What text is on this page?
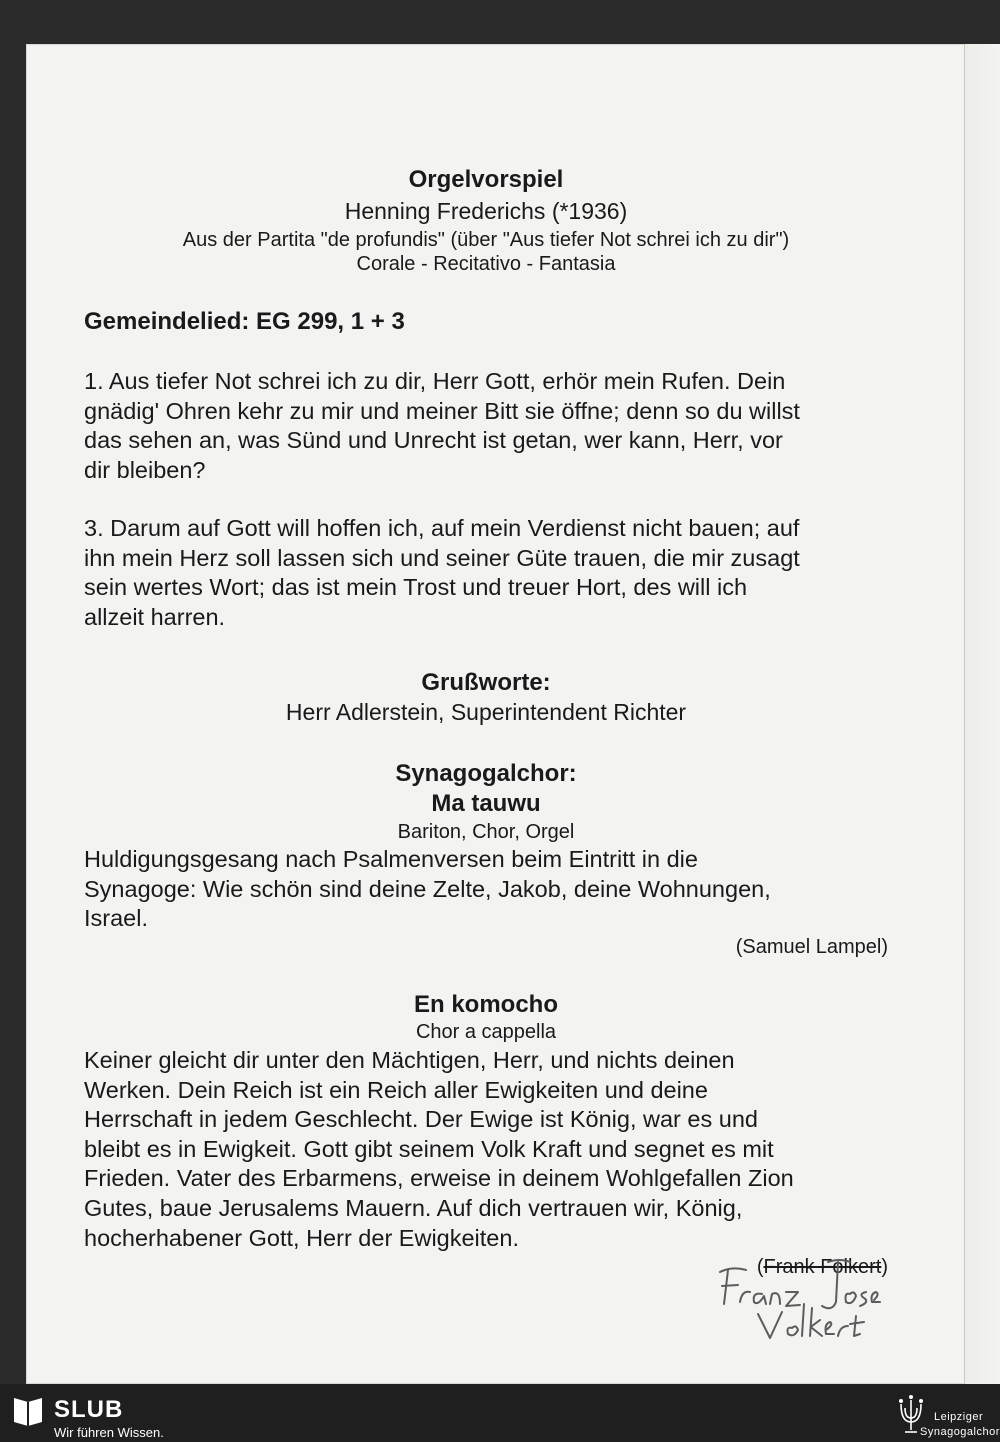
Orgelvorspiel
Henning Frederichs (*1936)
Aus der Partita "de profundis" (über "Aus tiefer Not schrei ich zu dir")
Corale - Recitativo - Fantasia
Gemeindelied: EG 299, 1 + 3
1. Aus tiefer Not schrei ich zu dir, Herr Gott, erhör mein Rufen. Dein
gnädig' Ohren kehr zu mir und meiner Bitt sie öffne; denn so du willst
das sehen an, was Sünd und Unrecht ist getan, wer kann, Herr, vor
dir bleiben?
3. Darum auf Gott will hoffen ich, auf mein Verdienst nicht bauen; auf
ihn mein Herz soll lassen sich und seiner Güte trauen, die mir zusagt
sein wertes Wort; das ist mein Trost und treuer Hort, des will ich
allzeit harren.
Grußworte:
Herr Adlerstein, Superintendent Richter
Synagogalchor:
Ma tauwu
Bariton, Chor, Orgel
Huldigungsgesang nach Psalmenversen beim Eintritt in die
Synagoge: Wie schön sind deine Zelte, Jakob, deine Wohnungen,
Israel.
(Samuel Lampel)
En komocho
Chor a cappella
Keiner gleicht dir unter den Mächtigen, Herr, und nichts deinen
Werken. Dein Reich ist ein Reich aller Ewigkeiten und deine
Herrschaft in jedem Geschlecht. Der Ewige ist König, war es und
bleibt es in Ewigkeit. Gott gibt seinem Volk Kraft und segnet es mit
Frieden. Vater des Erbarmens, erweise in deinem Wohlgefallen Zion
Gutes, baue Jerusalems Mauern. Auf dich vertrauen wir, König,
hocherhabener Gott, Herr der Ewigkeiten.
(Frank Folkert)
SLUB
Wir führen Wissen.
Leipziger
Synagogalchor
